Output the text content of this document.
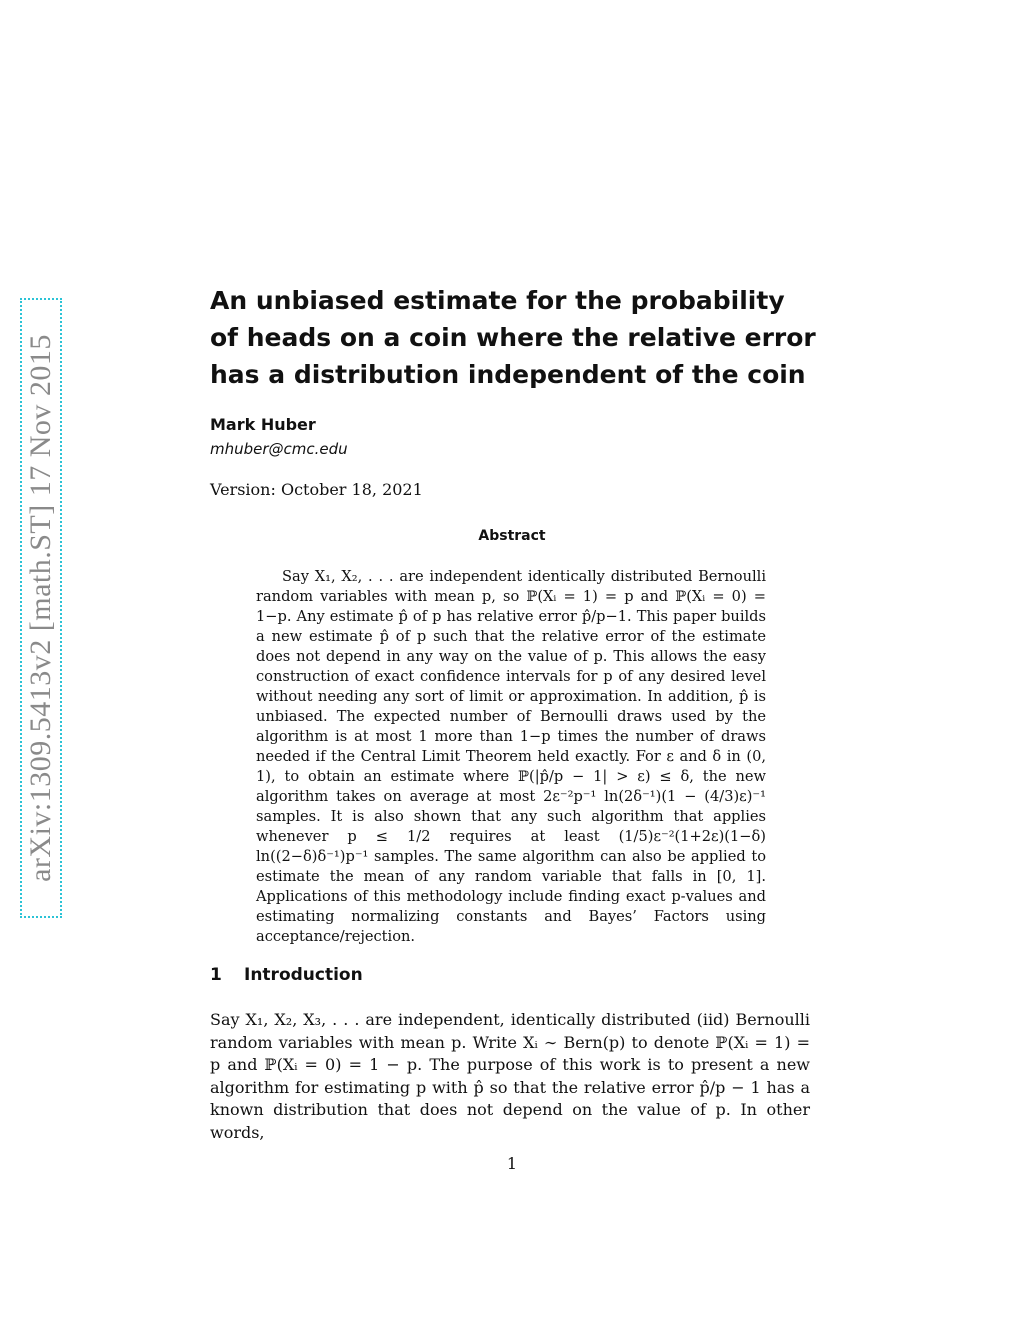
arXiv:1309.5413v2 [math.ST] 17 Nov 2015
An unbiased estimate for the probability of heads on a coin where the relative error has a distribution independent of the coin
Mark Huber
mhuber@cmc.edu
Version: October 18, 2021
Abstract

Say X₁, X₂, . . . are independent identically distributed Bernoulli random variables with mean p, so ℙ(Xᵢ = 1) = p and ℙ(Xᵢ = 0) = 1−p. Any estimate p̂ of p has relative error p̂/p−1. This paper builds a new estimate p̂ of p such that the relative error of the estimate does not depend in any way on the value of p. This allows the easy construction of exact confidence intervals for p of any desired level without needing any sort of limit or approximation. In addition, p̂ is unbiased. The expected number of Bernoulli draws used by the algorithm is at most 1 more than 1−p times the number of draws needed if the Central Limit Theorem held exactly. For ε and δ in (0, 1), to obtain an estimate where ℙ(|p̂/p − 1| > ε) ≤ δ, the new algorithm takes on average at most 2ε⁻²p⁻¹ ln(2δ⁻¹)(1 − (4/3)ε)⁻¹ samples. It is also shown that any such algorithm that applies whenever p ≤ 1/2 requires at least (1/5)ε⁻²(1+2ε)(1−δ) ln((2−δ)δ⁻¹)p⁻¹ samples. The same algorithm can also be applied to estimate the mean of any random variable that falls in [0, 1]. Applications of this methodology include finding exact p-values and estimating normalizing constants and Bayes’ Factors using acceptance/rejection.

1 Introduction

Say X₁, X₂, X₃, . . . are independent, identically distributed (iid) Bernoulli random variables with mean p. Write Xᵢ ∼ Bern(p) to denote ℙ(Xᵢ = 1) = p and ℙ(Xᵢ = 0) = 1 − p. The purpose of this work is to present a new algorithm for estimating p with p̂ so that the relative error p̂/p − 1 has a known distribution that does not depend on the value of p. In other words,

1
